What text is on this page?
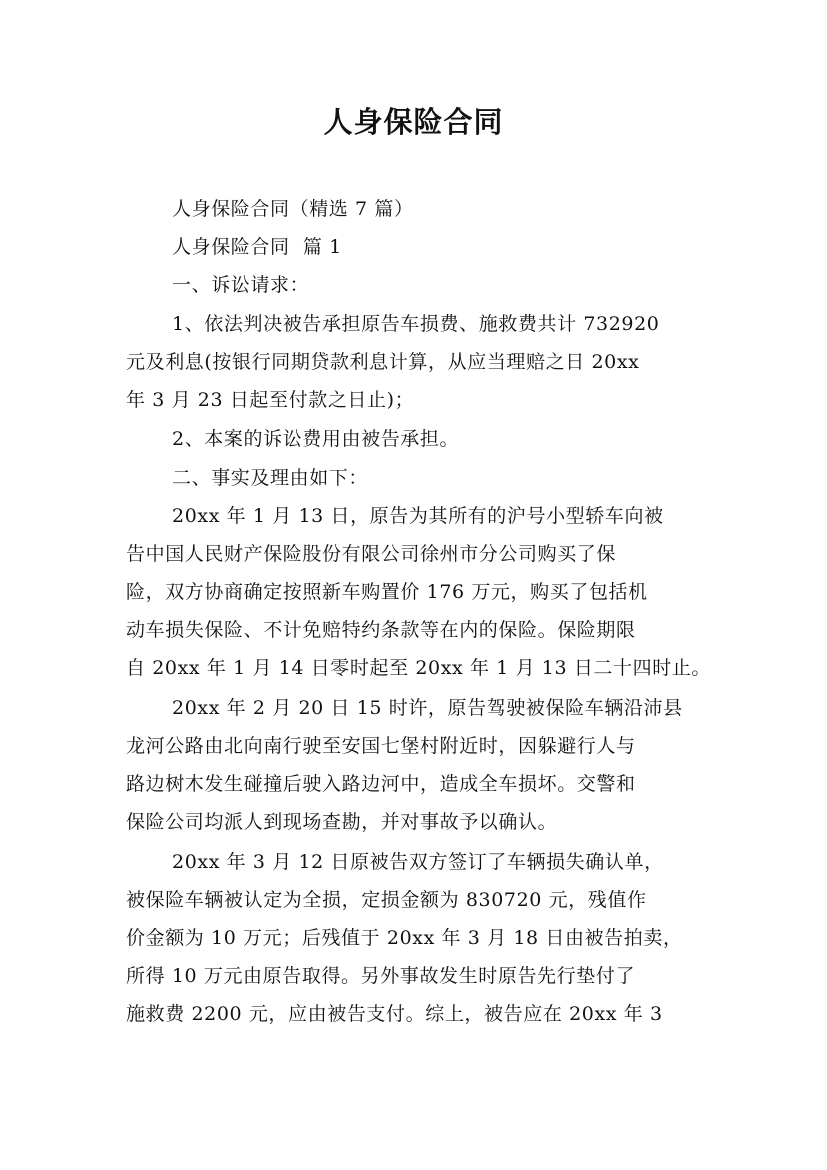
人身保险合同

人身保险合同（精选 7 篇）

人身保险合同  篇 1

一、诉讼请求：

1、依法判决被告承担原告车损费、施救费共计 732920
元及利息(按银行同期贷款利息计算，从应当理赔之日 20xx
年 3 月 23 日起至付款之日止)；

2、本案的诉讼费用由被告承担。

二、事实及理由如下：

20xx 年 1 月 13 日，原告为其所有的沪号小型轿车向被
告中国人民财产保险股份有限公司徐州市分公司购买了保
险，双方协商确定按照新车购置价 176 万元，购买了包括机
动车损失保险、不计免赔特约条款等在内的保险。保险期限
自 20xx 年 1 月 14 日零时起至 20xx 年 1 月 13 日二十四时止。

20xx 年 2 月 20 日 15 时许，原告驾驶被保险车辆沿沛县
龙河公路由北向南行驶至安国七堡村附近时，因躲避行人与
路边树木发生碰撞后驶入路边河中，造成全车损坏。交警和
保险公司均派人到现场查勘，并对事故予以确认。

20xx 年 3 月 12 日原被告双方签订了车辆损失确认单，
被保险车辆被认定为全损，定损金额为 830720 元，残值作
价金额为 10 万元；后残值于 20xx 年 3 月 18 日由被告拍卖，
所得 10 万元由原告取得。另外事故发生时原告先行垫付了
施救费 2200 元，应由被告支付。综上，被告应在 20xx 年 3
